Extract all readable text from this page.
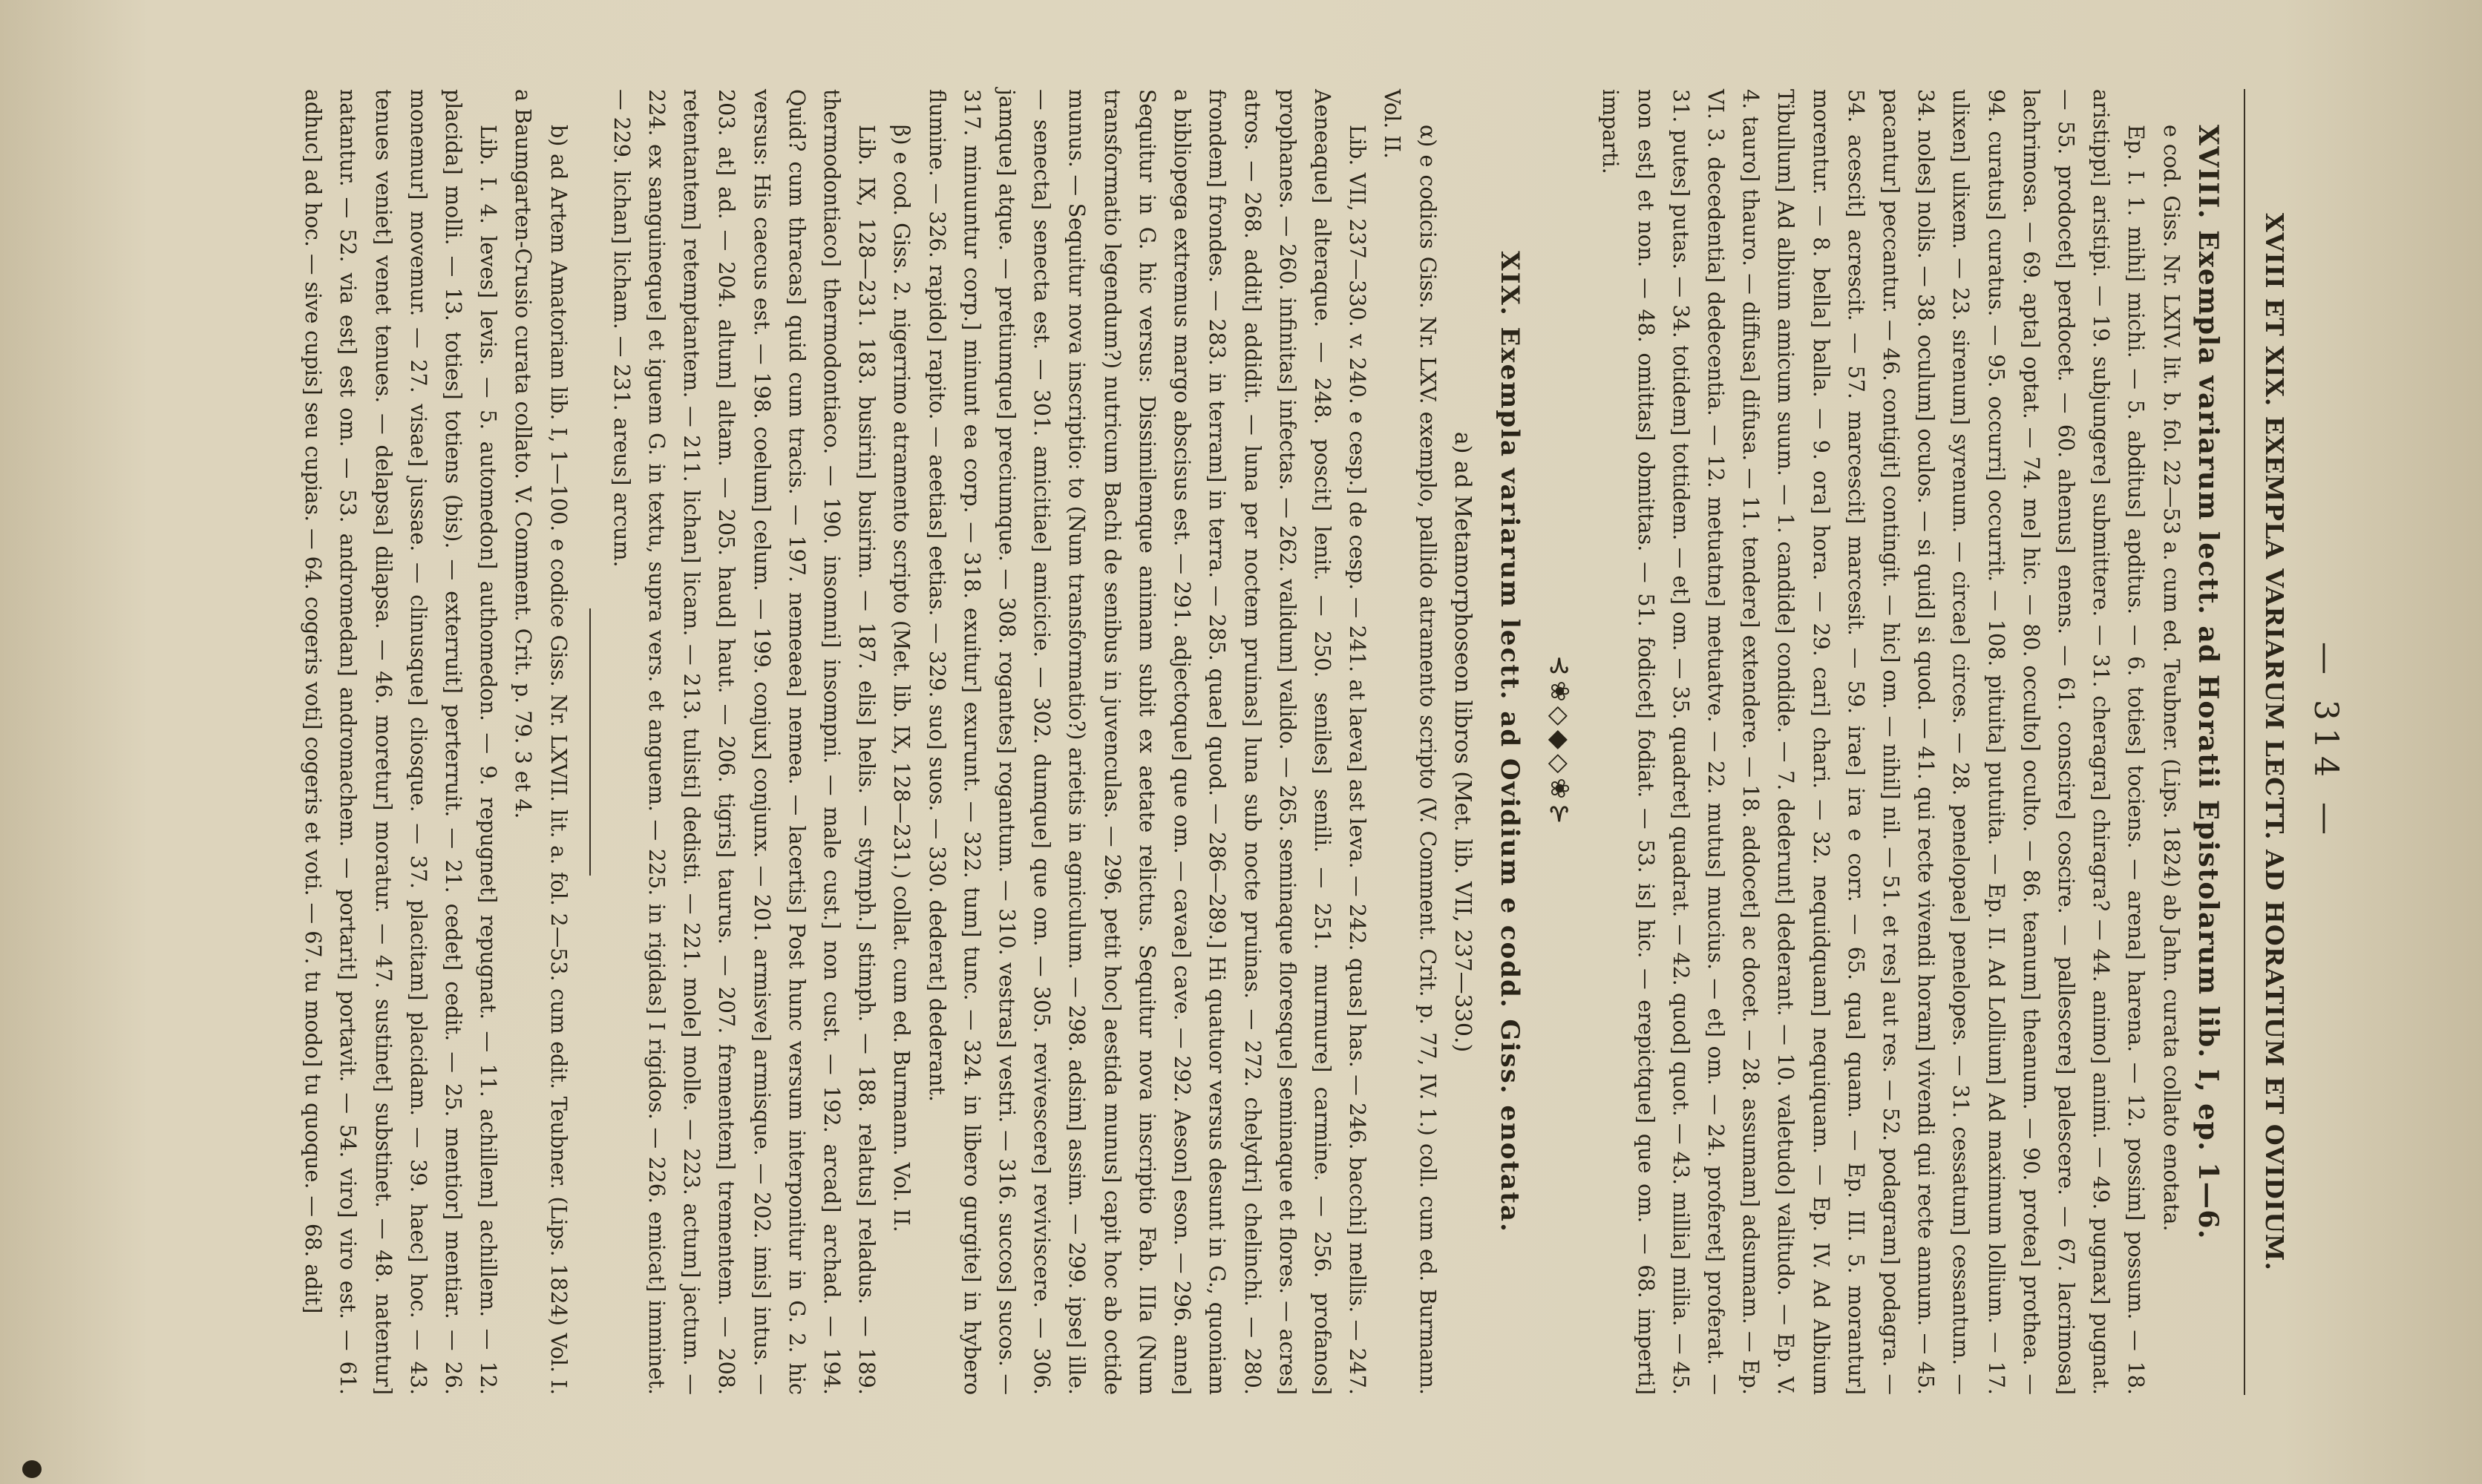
— 314 —
XVIII ET XIX. EXEMPLA VARIARUM LECTT. AD HORATIUM ET OVIDIUM.

XVIII. Exempla variarum lectt. ad Horatii Epistolarum lib. I, ep. 1—6.

e cod. Giss. Nr. LXIV. lit. b. fol. 22—53 a. cum ed. Teubner. (Lips. 1824) ab Jahn. curata collato enotata.

Ep. I. 1. mihi] michi. — 5. abditus] apditus. — 6. toties] tociens. — arena] harena. — 12. possim] possum. — 18. aristippi] aristipi. — 19. subjungere] submittere. — 31. cheragra] chiragra? — 44. animo] animi. — 49. pugnax] pugnat. — 55. prodocet] perdocet. — 60. ahenus] enens. — 61. conscire] coscire. — pallescere] palescere. — 67. lacrimosa] lachrimosa. — 69. apta] optat. — 74. me] hic. — 80. occulto] oculto. — 86. teanum] theanum. — 90. protea] prothea. — 94. curatus] curatus. — 95. occurri] occurrit. — 108. pituita] putuita. — Ep. II. Ad Lollium] Ad maximum lollium. — 17. ulixen] ulixem. — 23. sirenum] syrenum. — circae] circes. — 28. penelopae] penelopes. — 31. cessatum] cessantum. — 34. noles] nolis. — 38. oculum] oculos. — si quid] si quod. — 41. qui recte vivendi horam] vivendi qui recte annum. — 45. pacantur] peccantur. — 46. contigit] contingit. — hic] om. — nihil] nil. — 51. et res] aut res. — 52. podagram] podagra. — 54. acescit] acrescit. — 57. marcescit] marcesit. — 59. irae] ira e corr. — 65. qua] quam. — Ep. III. 5. morantur] morentur. — 8. bella] balla. — 9. ora] hora. — 29. cari] chari. — 32. nequidquam] nequiquam. — Ep. IV. Ad Albium Tibullum] Ad albium amicum suum. — 1. candide] condide. — 7. dederunt] dederant. — 10. valetudo] valitudo. — Ep. V. 4. tauro] thauro. — diffusa] difusa. — 11. tendere] extendere. — 18. addocet] ac docet. — 28. assumam] adsumam. — Ep. VI. 3. decedentia] dedecentia. — 12. metuatne] metuatve. — 22. mutus] mucius. — et] om. — 24. proferet] proferat. — 31. putes] putas. — 34. totidem] tottidem. — et] om. — 35. quadret] quadrat. — 42. quod] quot. — 43. millia] milia. — 45. non est] et non. — 48. omittas] obmittas. — 51. fodicet] fodiat. — 53. is] hic. — erepictque] que om. — 68. imperti] imparti.

⊰❀◇◆◇❀⊱
XIX. Exempla variarum lectt. ad Ovidium e codd. Giss. enotata.
a) ad Metamorphoseon libros (Met. lib. VII, 237—330.)

α) e codicis Giss. Nr. LXV. exemplo, pallido atramento scripto (V. Comment. Crit. p. 77, IV. 1.) coll. cum ed. Burmann. Vol. II.

Lib. VII, 237—330. v. 240. e cesp.] de cesp. — 241. at laeva] ast leva. — 242. quas] has. — 246. bacchi] mellis. — 247. Aeneaque] alteraque. — 248. poscit] lenit. — 250. seniles] senili. — 251. murmure] carmine. — 256. profanos] prophanes. — 260. infinitas] infectas. — 262. validum] valido. — 265. seminaque floresque] seminaque et flores. — acres] atros. — 268. addit] addidit. — luna per noctem pruinas] luna sub nocte pruinas. — 272. chelydri] chelinchi. — 280. frondem] frondes. — 283. in terram] in terra. — 285. quae] quod. — 286—289.] Hi quatuor versus desunt in G., quoniam a bibliopega extremus margo abscisus est. — 291. adjectoque] que om. — cavae] cave. — 292. Aeson] eson. — 296. anne] Sequitur in G. hic versus: Dissimilemque animam subit ex aetate relictus. Sequitur nova inscriptio Fab. IIIa (Num transformatio legendum?) nutricum Bachi de senibus in juvenculas. — 296. petit hoc] aestida munus] capit hoc ab octide munus. — Sequitur nova inscriptio: to (Num transformatio?) arietis in agniculum. — 298. adsim] assim. — 299. ipse] ille. — senecta] senecta est. — 301. amicitiae] amicicie. — 302. dumque] que om. — 305. revivescere] reviviscere. — 306. jamque] atque. — pretiumque] preciumque. — 308. rogantes] rogantum. — 310. vestras] vestri. — 316. succos] sucos. — 317. minuuntur corp.] minunt ea corp. — 318. exuitur] exurunt. — 322. tum] tunc. — 324. in libero gurgite] in hybero flumine. — 326. rapido] rapito. — aeetias] eetias. — 329. suo] suos. — 330. dederat] dederant.

β) e cod. Giss. 2. nigerrimo atramento scripto (Met. lib. IX, 128—231.) collat. cum ed. Burmann. Vol. II.

Lib. IX, 128—231. 183. busirin] busirim. — 187. elis] helis. — stymph.] stimph. — 188. relatus] reladus. — 189. thermodontiaco] thermodontiaco. — 190. insomni] insompni. — male cust.] non cust. — 192. arcad] archad. — 194. Quid? cum thracas] quid cum tracis. — 197. nemeaea] nemea. — lacertis] Post hunc versum interponitur in G. 2. hic versus: His caecus est. — 198. coelum] celum. — 199. conjux] conjunx. — 201. armisve] armisque. — 202. imis] intus. — 203. at] ad. — 204. altum] altam. — 205. haud] haut. — 206. tigris] taurus. — 207. frementem] trementem. — 208. retentantem] retemptantem. — 211. lichan] licam. — 213. tulisti] dedisti. — 221. mole] molle. — 223. actum] jactum. — 224. ex sanguineque] et iguem G. in textu, supra vers. et anguem. — 225. in rigidas] I rigidos. — 226. emicat] imminet. — 229. lichan] licham. — 231. areus] arcum.

b) ad Artem Amatoriam lib. I, 1—100. e codice Giss. Nr. LXVII. lit. a. fol. 2—53. cum edit. Teubner. (Lips. 1824) Vol. I. a Baumgarten-Crusio curata collato. V. Comment. Crit. p. 79. 3 et 4.

Lib. I. 4. leves] levis. — 5. automedon] authomedon. — 9. repugnet] repugnat. — 11. achillem] achillem. — 12. placida] molli. — 13. toties] totiens (bis). — exterruit] perterruit. — 21. cedet] cedit. — 25. mentior] mentiar. — 26. monemur] movemur. — 27. visae] jussae. — clinusque] cliosque. — 37. placitam] placidam. — 39. haec] hoc. — 43. tenues veniet] venet tenues. — delapsa] dilapsa. — 46. moretur] moratur. — 47. sustinet] substinet. — 48. natentur] natantur. — 52. via est] est om. — 53. andromedan] andromachem. — portarit] portavit. — 54. viro] viro est. — 61. adhuc] ad hoc. — sive cupis] seu cupias. — 64. cogeris voti] cogeris et voti. — 67. tu modo] tu quoque. — 68. adit]
